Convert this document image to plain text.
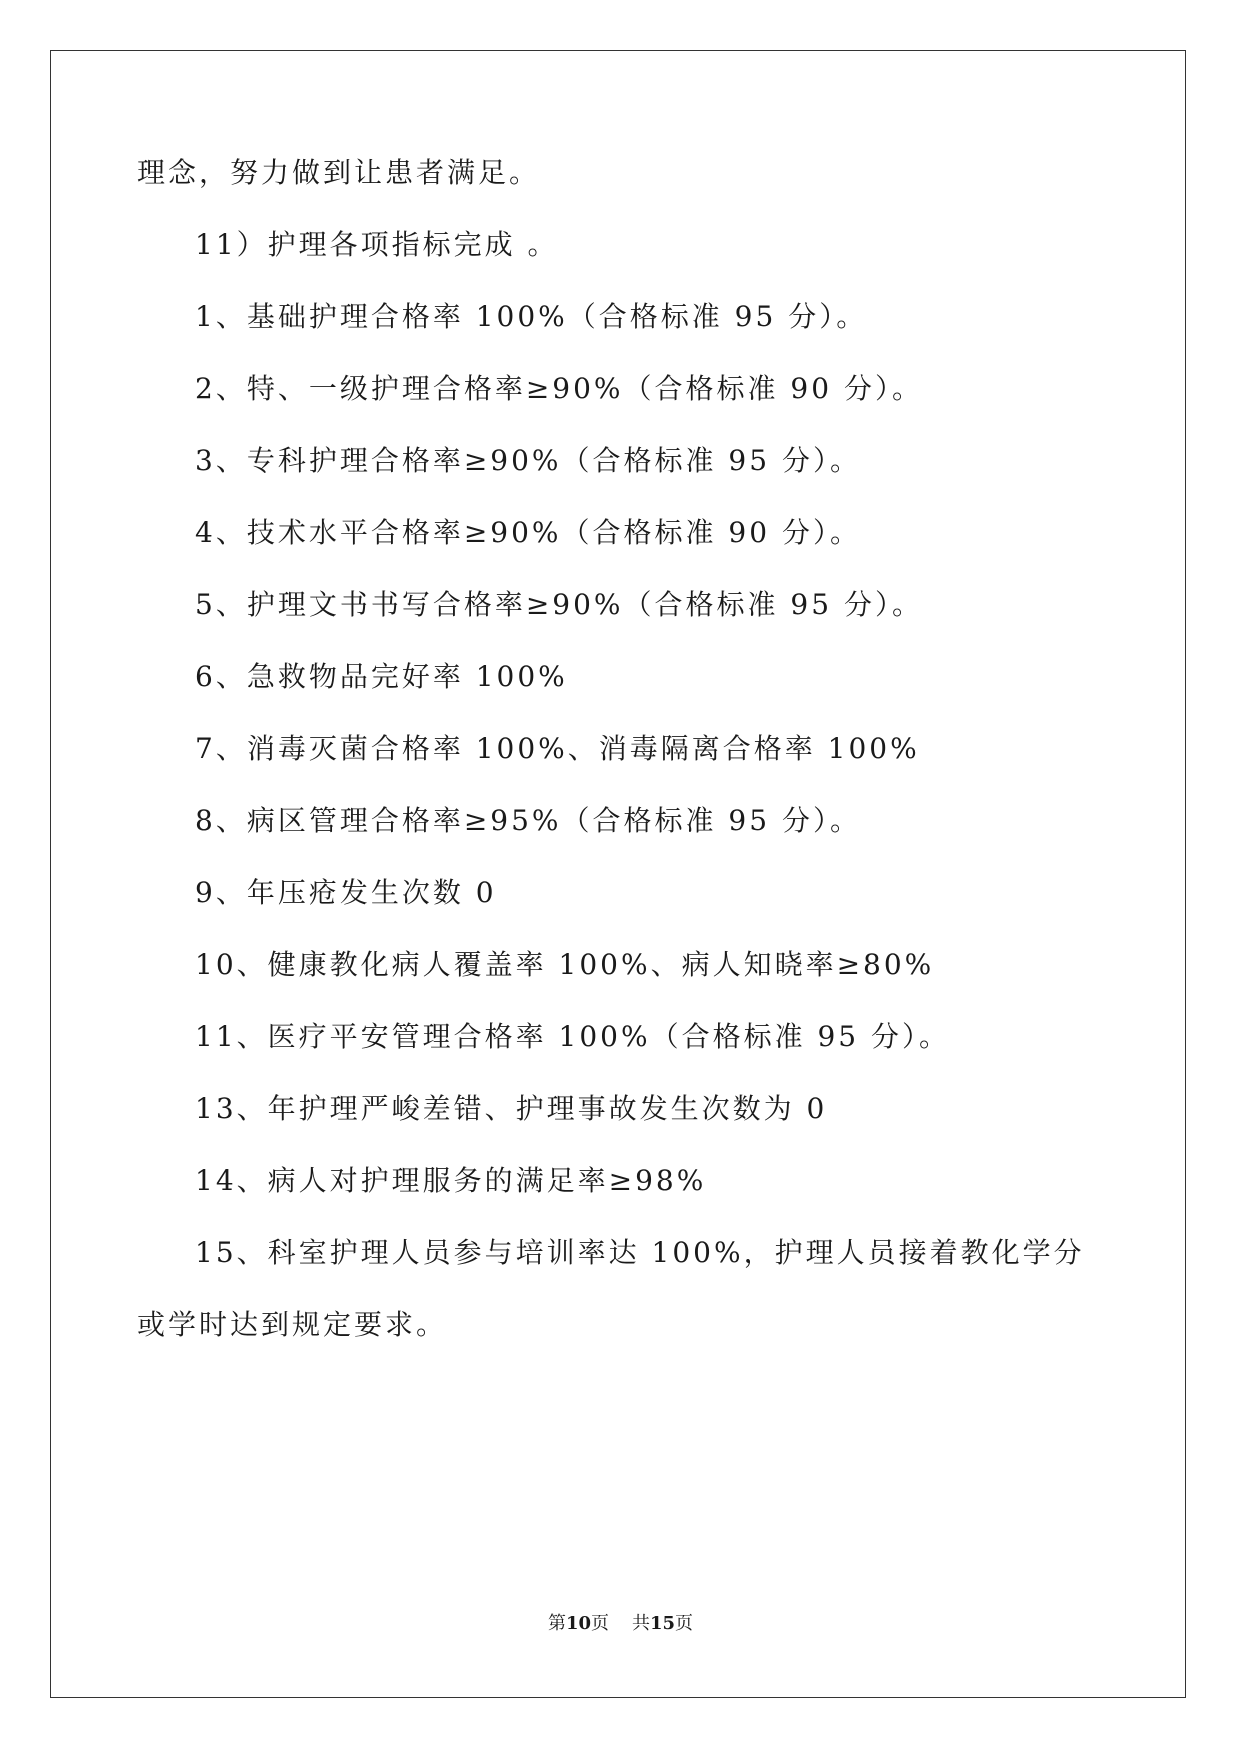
理念，努力做到让患者满足。
11）护理各项指标完成 。
1、基础护理合格率 100%（合格标准 95 分）。
2、特、一级护理合格率≥90%（合格标准 90 分）。
3、专科护理合格率≥90%（合格标准 95 分）。
4、技术水平合格率≥90%（合格标准 90 分）。
5、护理文书书写合格率≥90%（合格标准 95 分）。
6、急救物品完好率 100%
7、消毒灭菌合格率 100%、消毒隔离合格率 100%
8、病区管理合格率≥95%（合格标准 95 分）。
9、年压疮发生次数 0
10、健康教化病人覆盖率 100%、病人知晓率≥80%
11、医疗平安管理合格率 100%（合格标准 95 分）。
13、年护理严峻差错、护理事故发生次数为 0
14、病人对护理服务的满足率≥98%
15、科室护理人员参与培训率达 100%，护理人员接着教化学分
或学时达到规定要求。
第10页 共15页
